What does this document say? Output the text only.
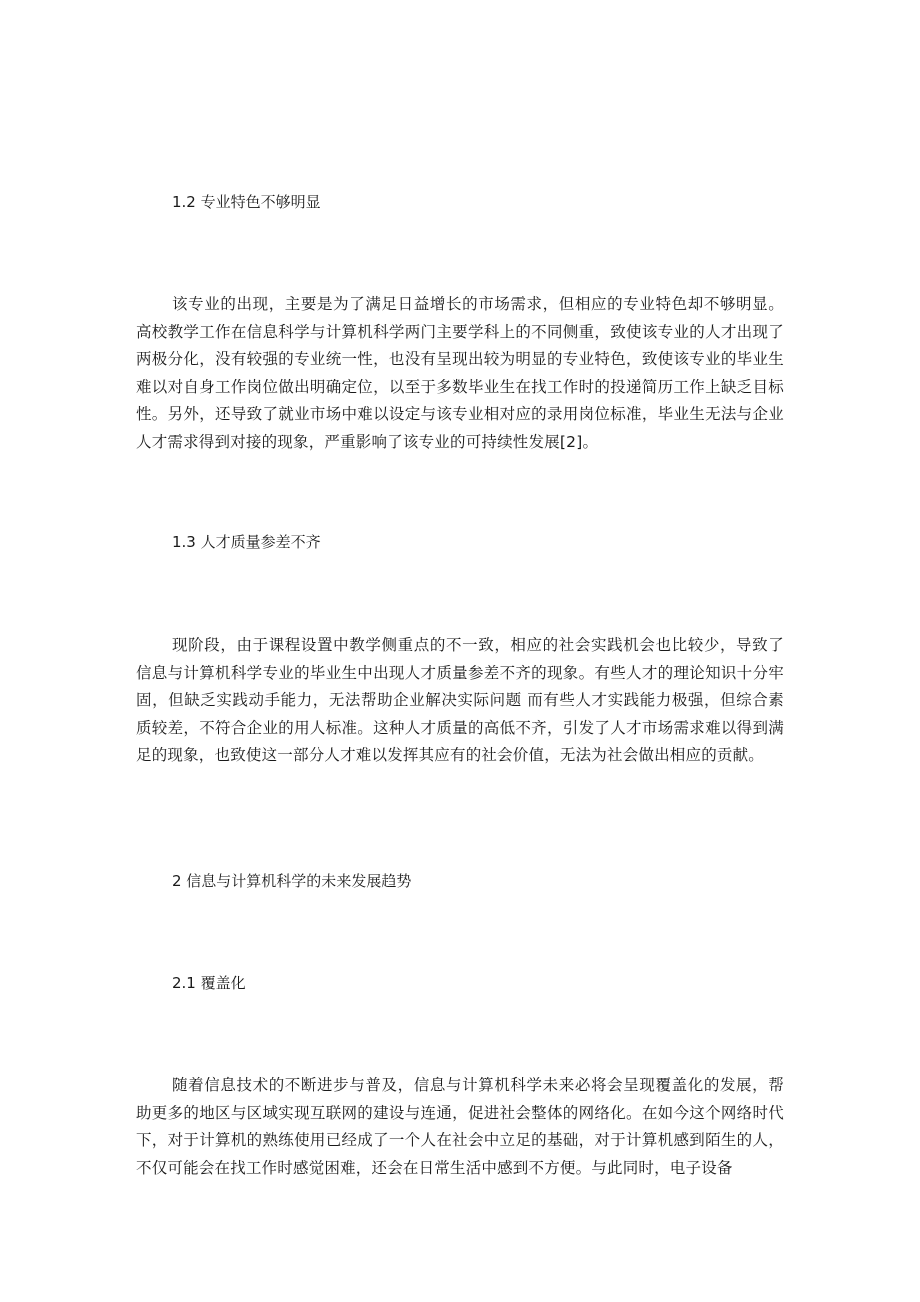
1.2 专业特色不够明显
该专业的出现，主要是为了满足日益增长的市场需求，但相应的专业特色却不够明显。高校教学工作在信息科学与计算机科学两门主要学科上的不同侧重，致使该专业的人才出现了两极分化，没有较强的专业统一性，也没有呈现出较为明显的专业特色，致使该专业的毕业生难以对自身工作岗位做出明确定位，以至于多数毕业生在找工作时的投递简历工作上缺乏目标性。另外，还导致了就业市场中难以设定与该专业相对应的录用岗位标准，毕业生无法与企业人才需求得到对接的现象，严重影响了该专业的可持续性发展[2]。
1.3 人才质量参差不齐
现阶段，由于课程设置中教学侧重点的不一致，相应的社会实践机会也比较少，导致了信息与计算机科学专业的毕业生中出现人才质量参差不齐的现象。有些人才的理论知识十分牢固，但缺乏实践动手能力，无法帮助企业解决实际问题 而有些人才实践能力极强，但综合素质较差，不符合企业的用人标准。这种人才质量的高低不齐，引发了人才市场需求难以得到满足的现象，也致使这一部分人才难以发挥其应有的社会价值，无法为社会做出相应的贡献。
2 信息与计算机科学的未来发展趋势
2.1 覆盖化
随着信息技术的不断进步与普及，信息与计算机科学未来必将会呈现覆盖化的发展，帮助更多的地区与区域实现互联网的建设与连通，促进社会整体的网络化。在如今这个网络时代下，对于计算机的熟练使用已经成了一个人在社会中立足的基础，对于计算机感到陌生的人，不仅可能会在找工作时感觉困难，还会在日常生活中感到不方便。与此同时，电子设备
